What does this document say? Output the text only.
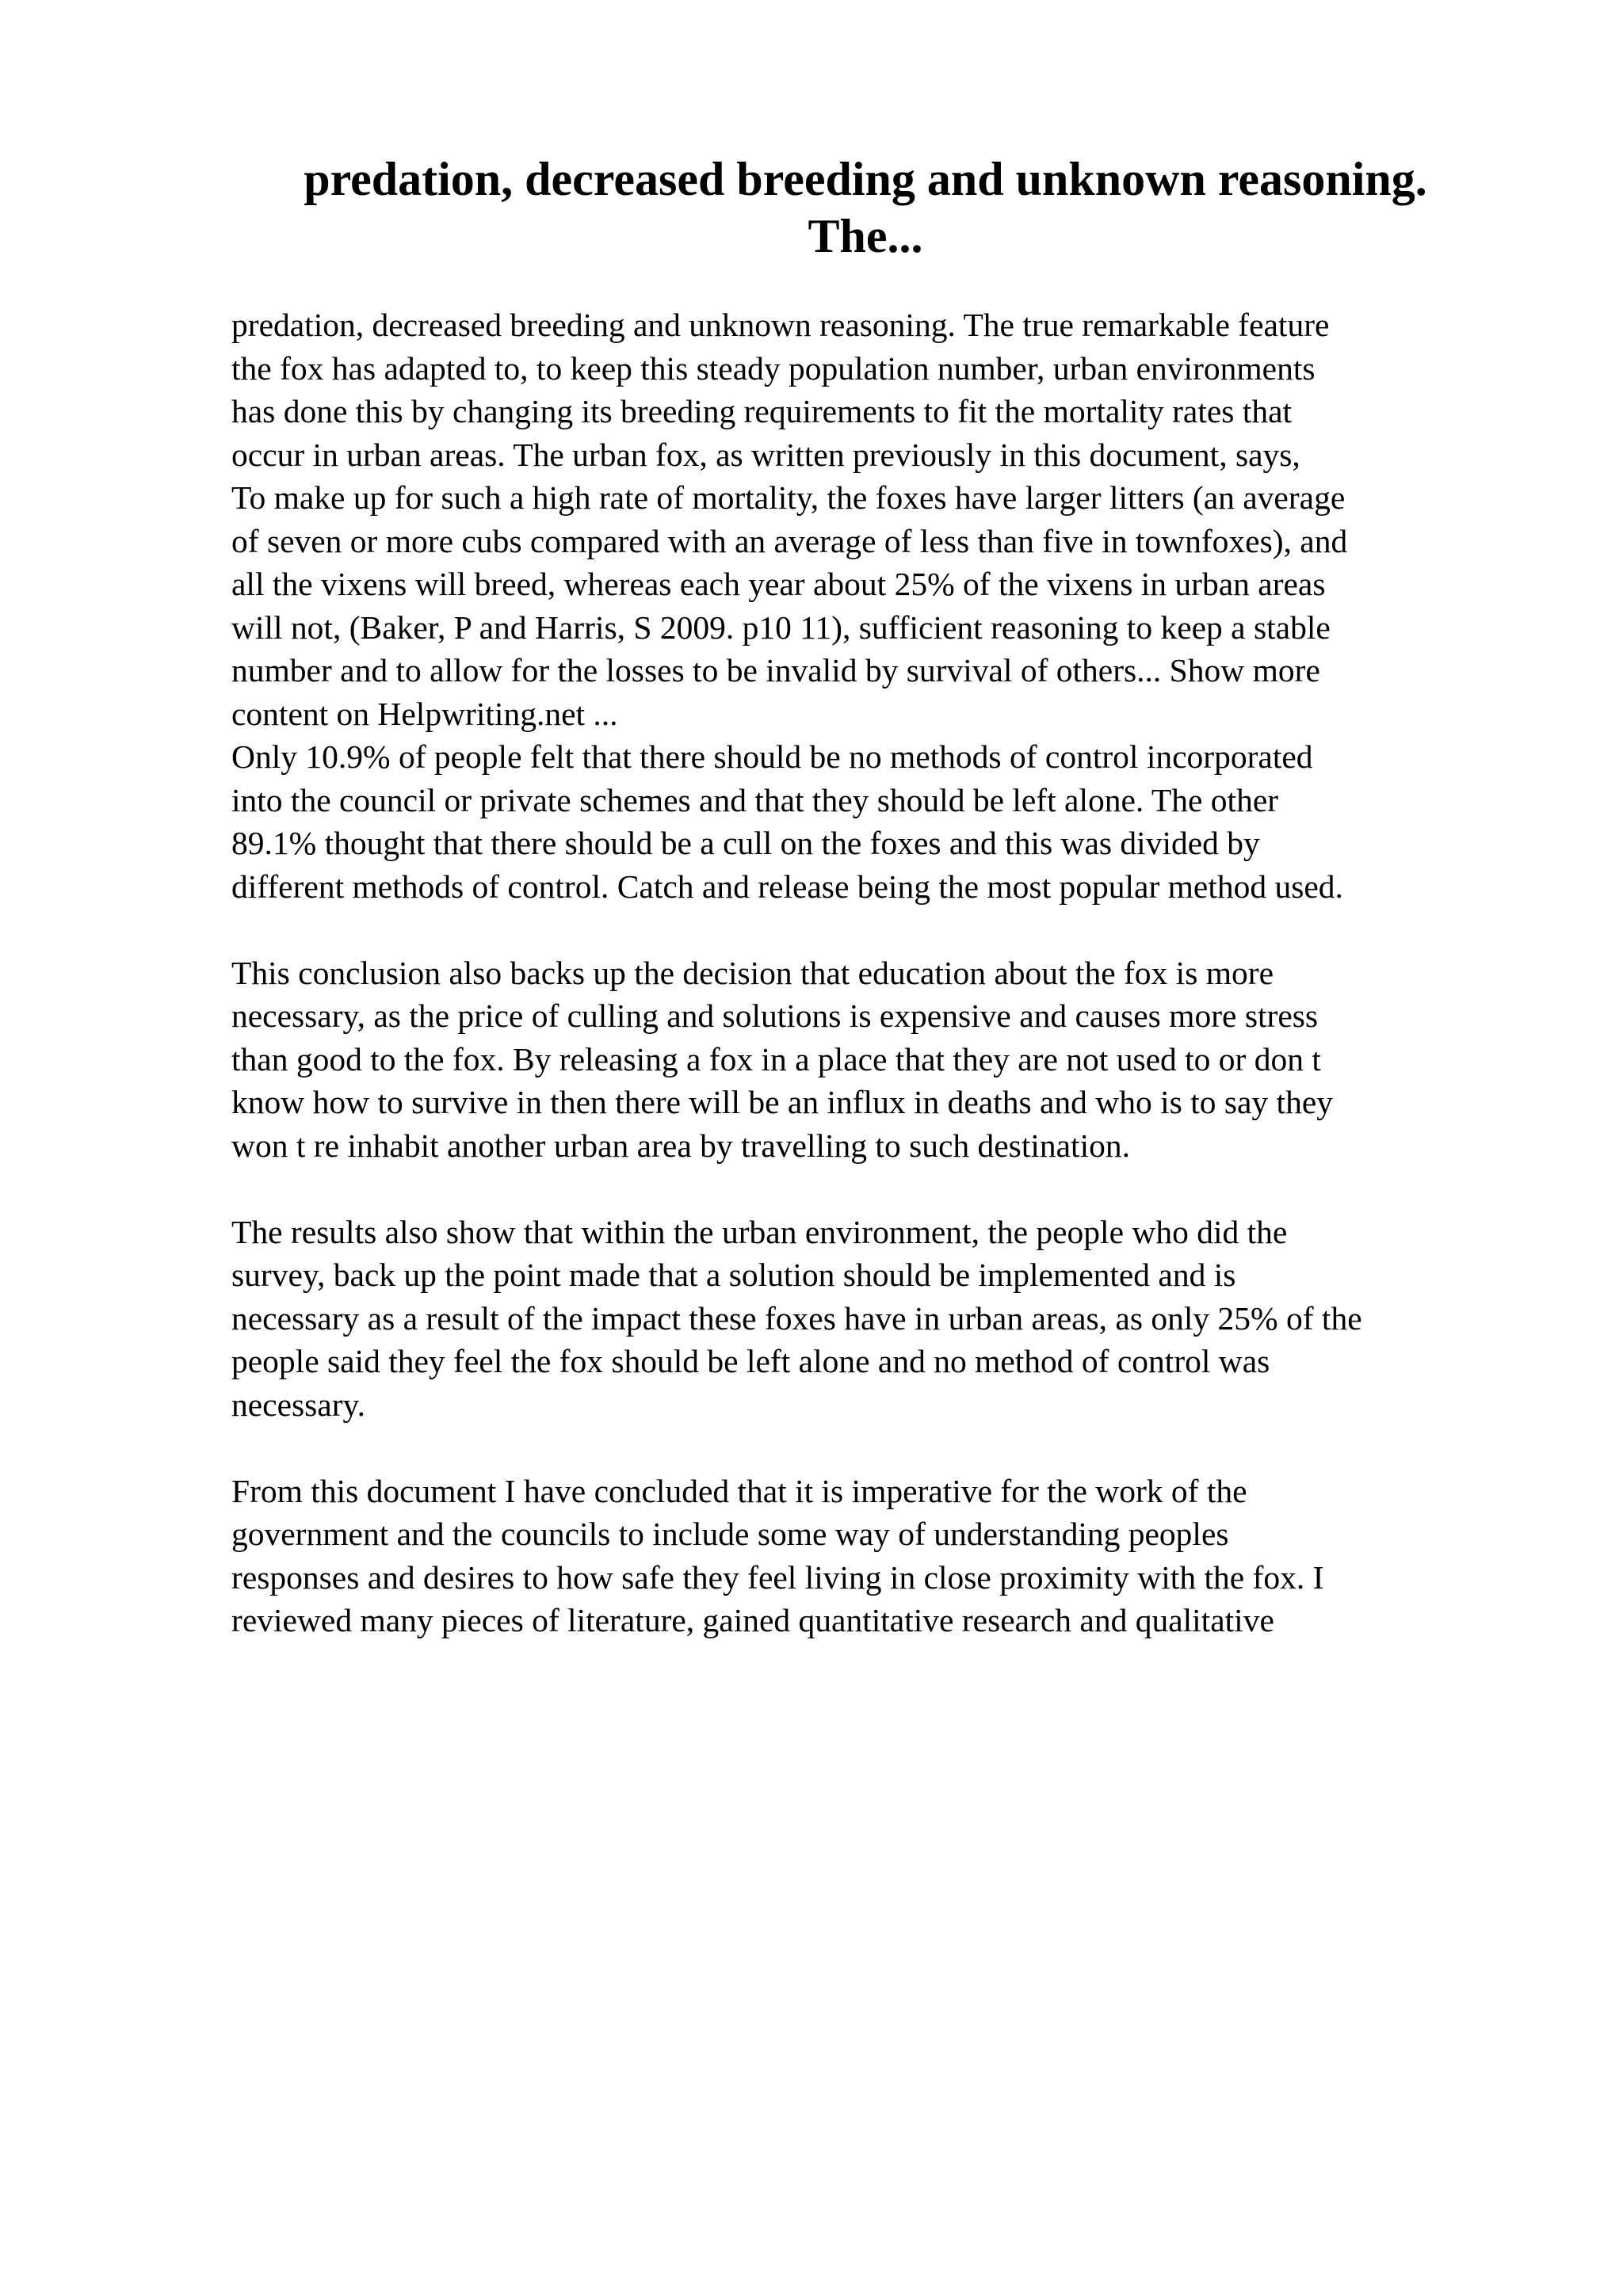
predation, decreased breeding and unknown reasoning.
The...
predation, decreased breeding and unknown reasoning. The true remarkable feature
the fox has adapted to, to keep this steady population number, urban environments
has done this by changing its breeding requirements to fit the mortality rates that
occur in urban areas. The urban fox, as written previously in this document, says,
To make up for such a high rate of mortality, the foxes have larger litters (an average
of seven or more cubs compared with an average of less than five in townfoxes), and
all the vixens will breed, whereas each year about 25% of the vixens in urban areas
will not, (Baker, P and Harris, S 2009. p10 11), sufficient reasoning to keep a stable
number and to allow for the losses to be invalid by survival of others... Show more
content on Helpwriting.net ...
Only 10.9% of people felt that there should be no methods of control incorporated
into the council or private schemes and that they should be left alone. The other
89.1% thought that there should be a cull on the foxes and this was divided by
different methods of control. Catch and release being the most popular method used.
This conclusion also backs up the decision that education about the fox is more
necessary, as the price of culling and solutions is expensive and causes more stress
than good to the fox. By releasing a fox in a place that they are not used to or don t
know how to survive in then there will be an influx in deaths and who is to say they
won t re inhabit another urban area by travelling to such destination.
The results also show that within the urban environment, the people who did the
survey, back up the point made that a solution should be implemented and is
necessary as a result of the impact these foxes have in urban areas, as only 25% of the
people said they feel the fox should be left alone and no method of control was
necessary.
From this document I have concluded that it is imperative for the work of the
government and the councils to include some way of understanding peoples
responses and desires to how safe they feel living in close proximity with the fox. I
reviewed many pieces of literature, gained quantitative research and qualitative
